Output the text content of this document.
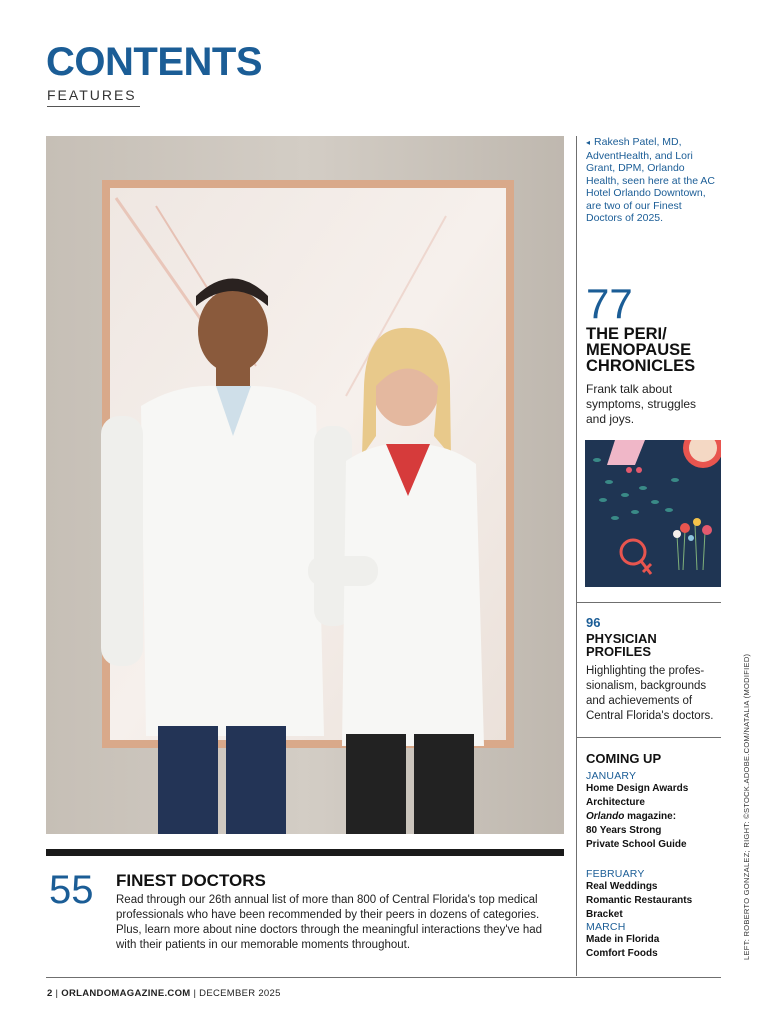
CONTENTS
FEATURES
◂ Rakesh Patel, MD, AdventHealth, and Lori Grant, DPM, Orlando Health, seen here at the AC Hotel Orlando Downtown, are two of our Finest Doctors of 2025.
77
THE PERI/
MENOPAUSE
CHRONICLES
Frank talk about symptoms, struggles and joys.
96
PHYSICIAN
PROFILES
Highlighting the profes- sionalism, backgrounds and achievements of Central Florida's doctors.
COMING UP
JANUARY
Home Design Awards
Architecture
Orlando magazine:
80 Years Strong
Private School Guide
FEBRUARY
Real Weddings
Romantic Restaurants Bracket
MARCH
Made in Florida
Comfort Foods
55 FINEST DOCTORS
Read through our 26th annual list of more than 800 of Central Florida's top medical professionals who have been recommended by their peers in dozens of categories. Plus, learn more about nine doctors through the meaningful interactions they've had with their patients in our memorable moments throughout.
2 | ORLANDOMAGAZINE.COM | DECEMBER 2025
LEFT: ROBERTO GONZALEZ; RIGHT: ©STOCK.ADOBE.COM/NATALIA (MODIFIED)
